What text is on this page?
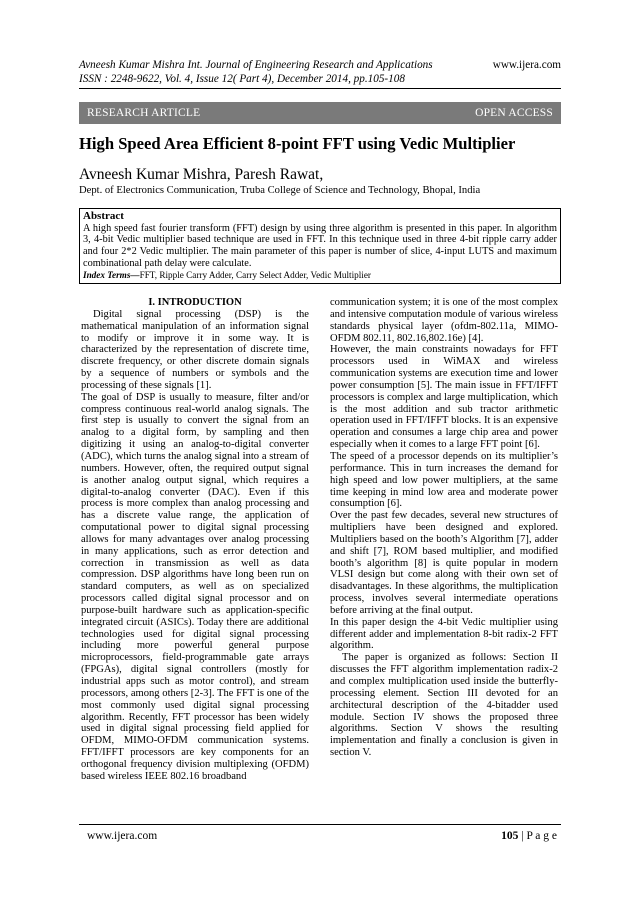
Avneesh Kumar Mishra Int. Journal of Engineering Research and Applications	www.ijera.com
ISSN : 2248-9622, Vol. 4, Issue 12( Part 4), December 2014, pp.105-108
RESEARCH ARTICLE	OPEN ACCESS
High Speed Area Efficient 8-point FFT using Vedic Multiplier
Avneesh Kumar Mishra, Paresh Rawat,
Dept. of Electronics Communication, Truba College of Science and Technology, Bhopal, India
Abstract
A high speed fast fourier transform (FFT) design by using three algorithm is presented in this paper. In algorithm 3, 4-bit Vedic multiplier based technique are used in FFT. In this technique used in three 4-bit ripple carry adder and four 2*2 Vedic multiplier. The main parameter of this paper is number of slice, 4-input LUTS and maximum combinational path delay were calculate.
Index Terms—FFT, Ripple Carry Adder, Carry Select Adder, Vedic Multiplier
I. INTRODUCTION

Digital signal processing (DSP) is the mathematical manipulation of an information signal to modify or improve it in some way. It is characterized by the representation of discrete time, discrete frequency, or other discrete domain signals by a sequence of numbers or symbols and the processing of these signals [1].

The goal of DSP is usually to measure, filter and/or compress continuous real-world analog signals. The first step is usually to convert the signal from an analog to a digital form, by sampling and then digitizing it using an analog-to-digital converter (ADC), which turns the analog signal into a stream of numbers. However, often, the required output signal is another analog output signal, which requires a digital-to-analog converter (DAC). Even if this process is more complex than analog processing and has a discrete value range, the application of computational power to digital signal processing allows for many advantages over analog processing in many applications, such as error detection and correction in transmission as well as data compression. DSP algorithms have long been run on standard computers, as well as on specialized processors called digital signal processor and on purpose-built hardware such as application-specific integrated circuit (ASICs). Today there are additional technologies used for digital signal processing including more powerful general purpose microprocessors, field-programmable gate arrays (FPGAs), digital signal controllers (mostly for industrial apps such as motor control), and stream processors, among others [2-3]. The FFT is one of the most commonly used digital signal processing algorithm. Recently, FFT processor has been widely used in digital signal processing field applied for OFDM, MIMO-OFDM communication systems. FFT/IFFT processors are key components for an orthogonal frequency division multiplexing (OFDM) based wireless IEEE 802.16 broadband

communication system; it is one of the most complex and intensive computation module of various wireless standards physical layer (ofdm-802.11a, MIMO-OFDM 802.11, 802.16,802.16e) [4].

However, the main constraints nowadays for FFT processors used in WiMAX and wireless communication systems are execution time and lower power consumption [5]. The main issue in FFT/IFFT processors is complex and large multiplication, which is the most addition and sub tractor arithmetic operation used in FFT/IFFT blocks. It is an expensive operation and consumes a large chip area and power especially when it comes to a large FFT point [6].

The speed of a processor depends on its multiplier’s performance. This in turn increases the demand for high speed and low power multipliers, at the same time keeping in mind low area and moderate power consumption [6].

Over the past few decades, several new structures of multipliers have been designed and explored. Multipliers based on the booth’s Algorithm [7], adder and shift [7], ROM based multiplier, and modified booth’s algorithm [8] is quite popular in modern VLSI design but come along with their own set of disadvantages. In these algorithms, the multiplication process, involves several intermediate operations before arriving at the final output.

In this paper design the 4-bit Vedic multiplier using different adder and implementation 8-bit radix-2 FFT algorithm.

The paper is organized as follows: Section II discusses the FFT algorithm implementation radix-2 and complex multiplication used inside the butterfly-processing element. Section III devoted for an architectural description of the 4-bitadder used module. Section IV shows the proposed three algorithms. Section V shows the resulting implementation and finally a conclusion is given in section V.

www.ijera.com	105 | P a g e
